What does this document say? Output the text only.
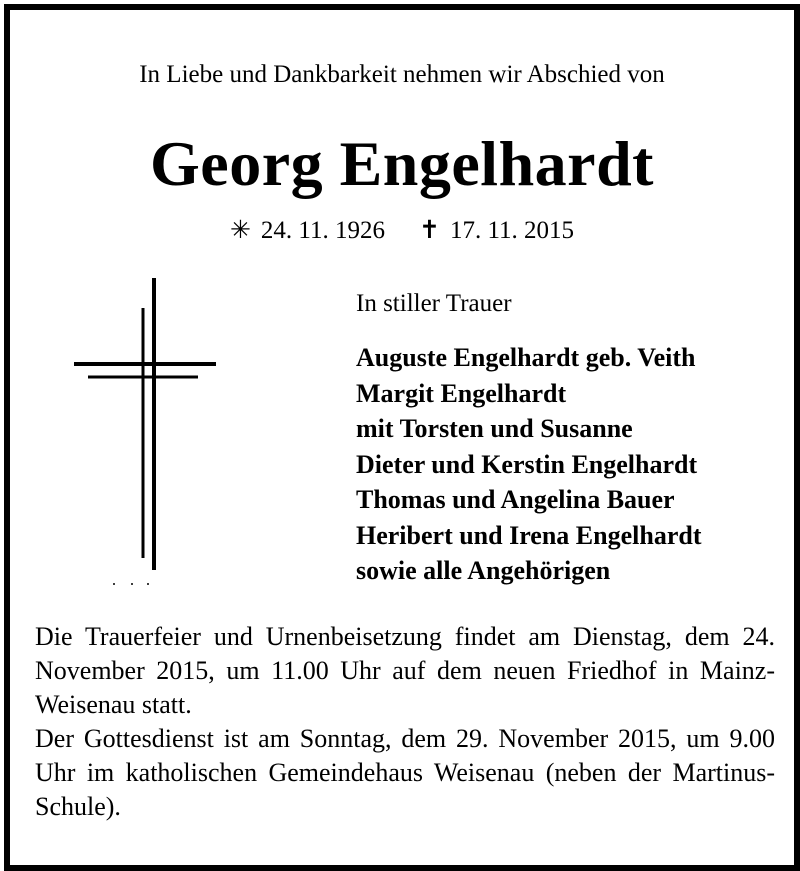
In Liebe und Dankbarkeit nehmen wir Abschied von
Georg Engelhardt
✳ 24. 11. 1926 ✝ 17. 11. 2015
In stiller Trauer
Auguste Engelhardt geb. Veith
Margit Engelhardt
mit Torsten und Susanne
Dieter und Kerstin Engelhardt
Thomas und Angelina Bauer
Heribert und Irena Engelhardt
sowie alle Angehörigen

Die Trauerfeier und Urnenbeisetzung findet am Dienstag, dem 24. November 2015, um 11.00 Uhr auf dem neuen Friedhof in Mainz-Weisenau statt.

Der Gottesdienst ist am Sonntag, dem 29. November 2015, um 9.00 Uhr im katholischen Gemeindehaus Weisenau (neben der Martinus-Schule).
